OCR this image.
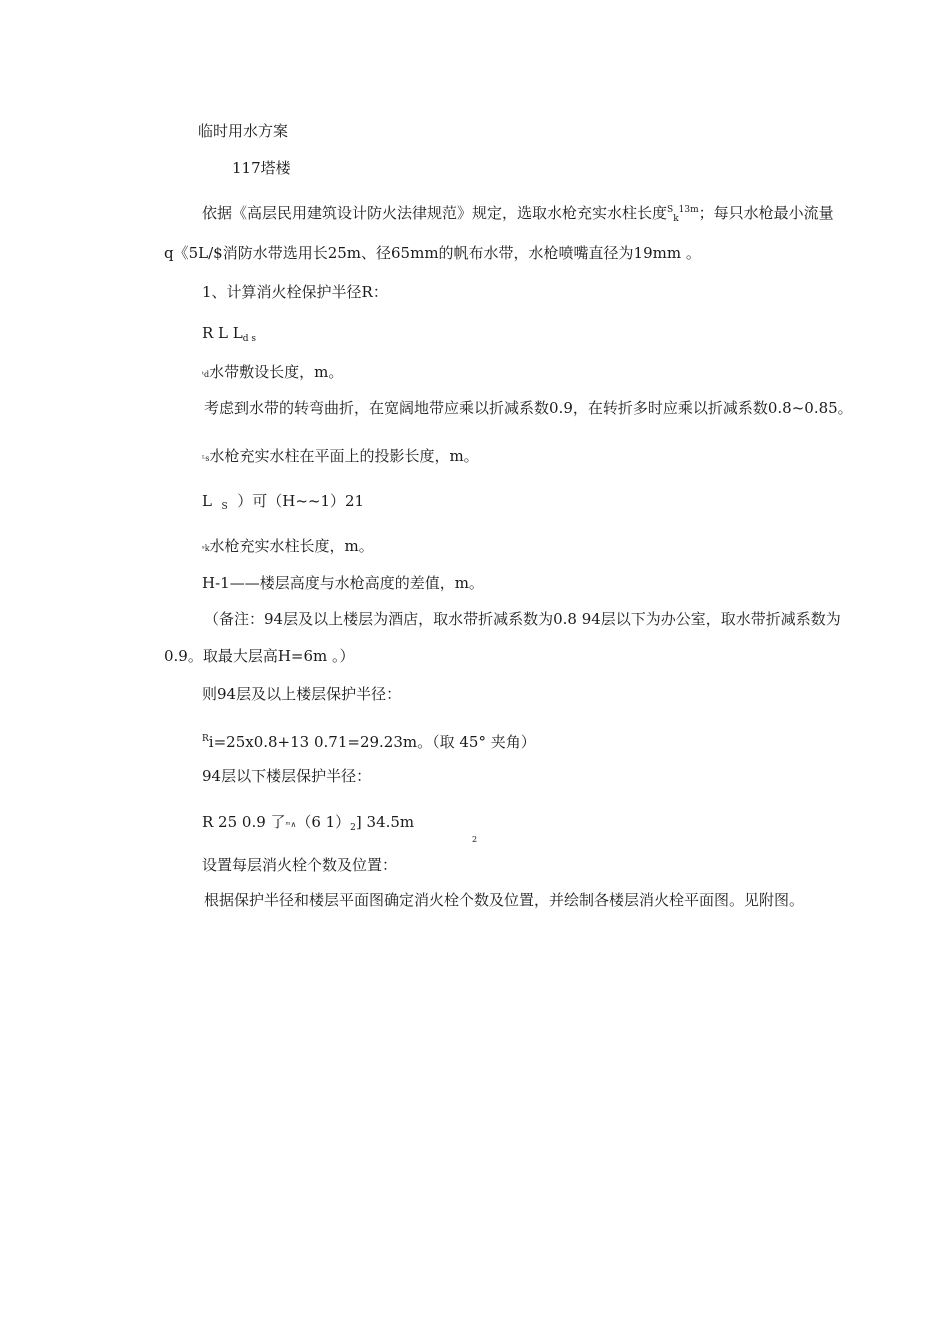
临时用水方案
117塔楼
依据《高层民用建筑设计防火法律规范》规定，选取水枪充实水柱长度$^S_k^{13m}$；每只水枪最小流量
q《5L/$消防水带选用长25m、径65mm的帆布水带，水枪喷嘴直径为19mm 。
1、计算消火栓保护半径R：
R L $L_{d s}$
ᵗd水带敷设长度，m。
考虑到水带的转弯曲折，在宽阔地带应乘以折减系数0.9，在转折多时应乘以折减系数0.8~0.85。
ᴸs水枪充实水柱在平面上的投影长度，m。
L $_S$ ）可（H~~1）21
ˢk水枪充实水柱长度，m。
H-1——楼层高度与水枪高度的差值，m。
（备注：94层及以上楼层为酒店，取水带折减系数为0.8 94层以下为办公室，取水带折减系数为
0.9。取最大层高H=6m 。）
则94层及以上楼层保护半径：
$^R$i=25x0.8+13 0.71=29.23m。（取 45° 夹角）
94层以下楼层保护半径：
R 25 0.9 了ᵐ∧（6 $1)_2$] 34.5m
2
设置每层消火栓个数及位置：
根据保护半径和楼层平面图确定消火栓个数及位置，并绘制各楼层消火栓平面图。见附图。
